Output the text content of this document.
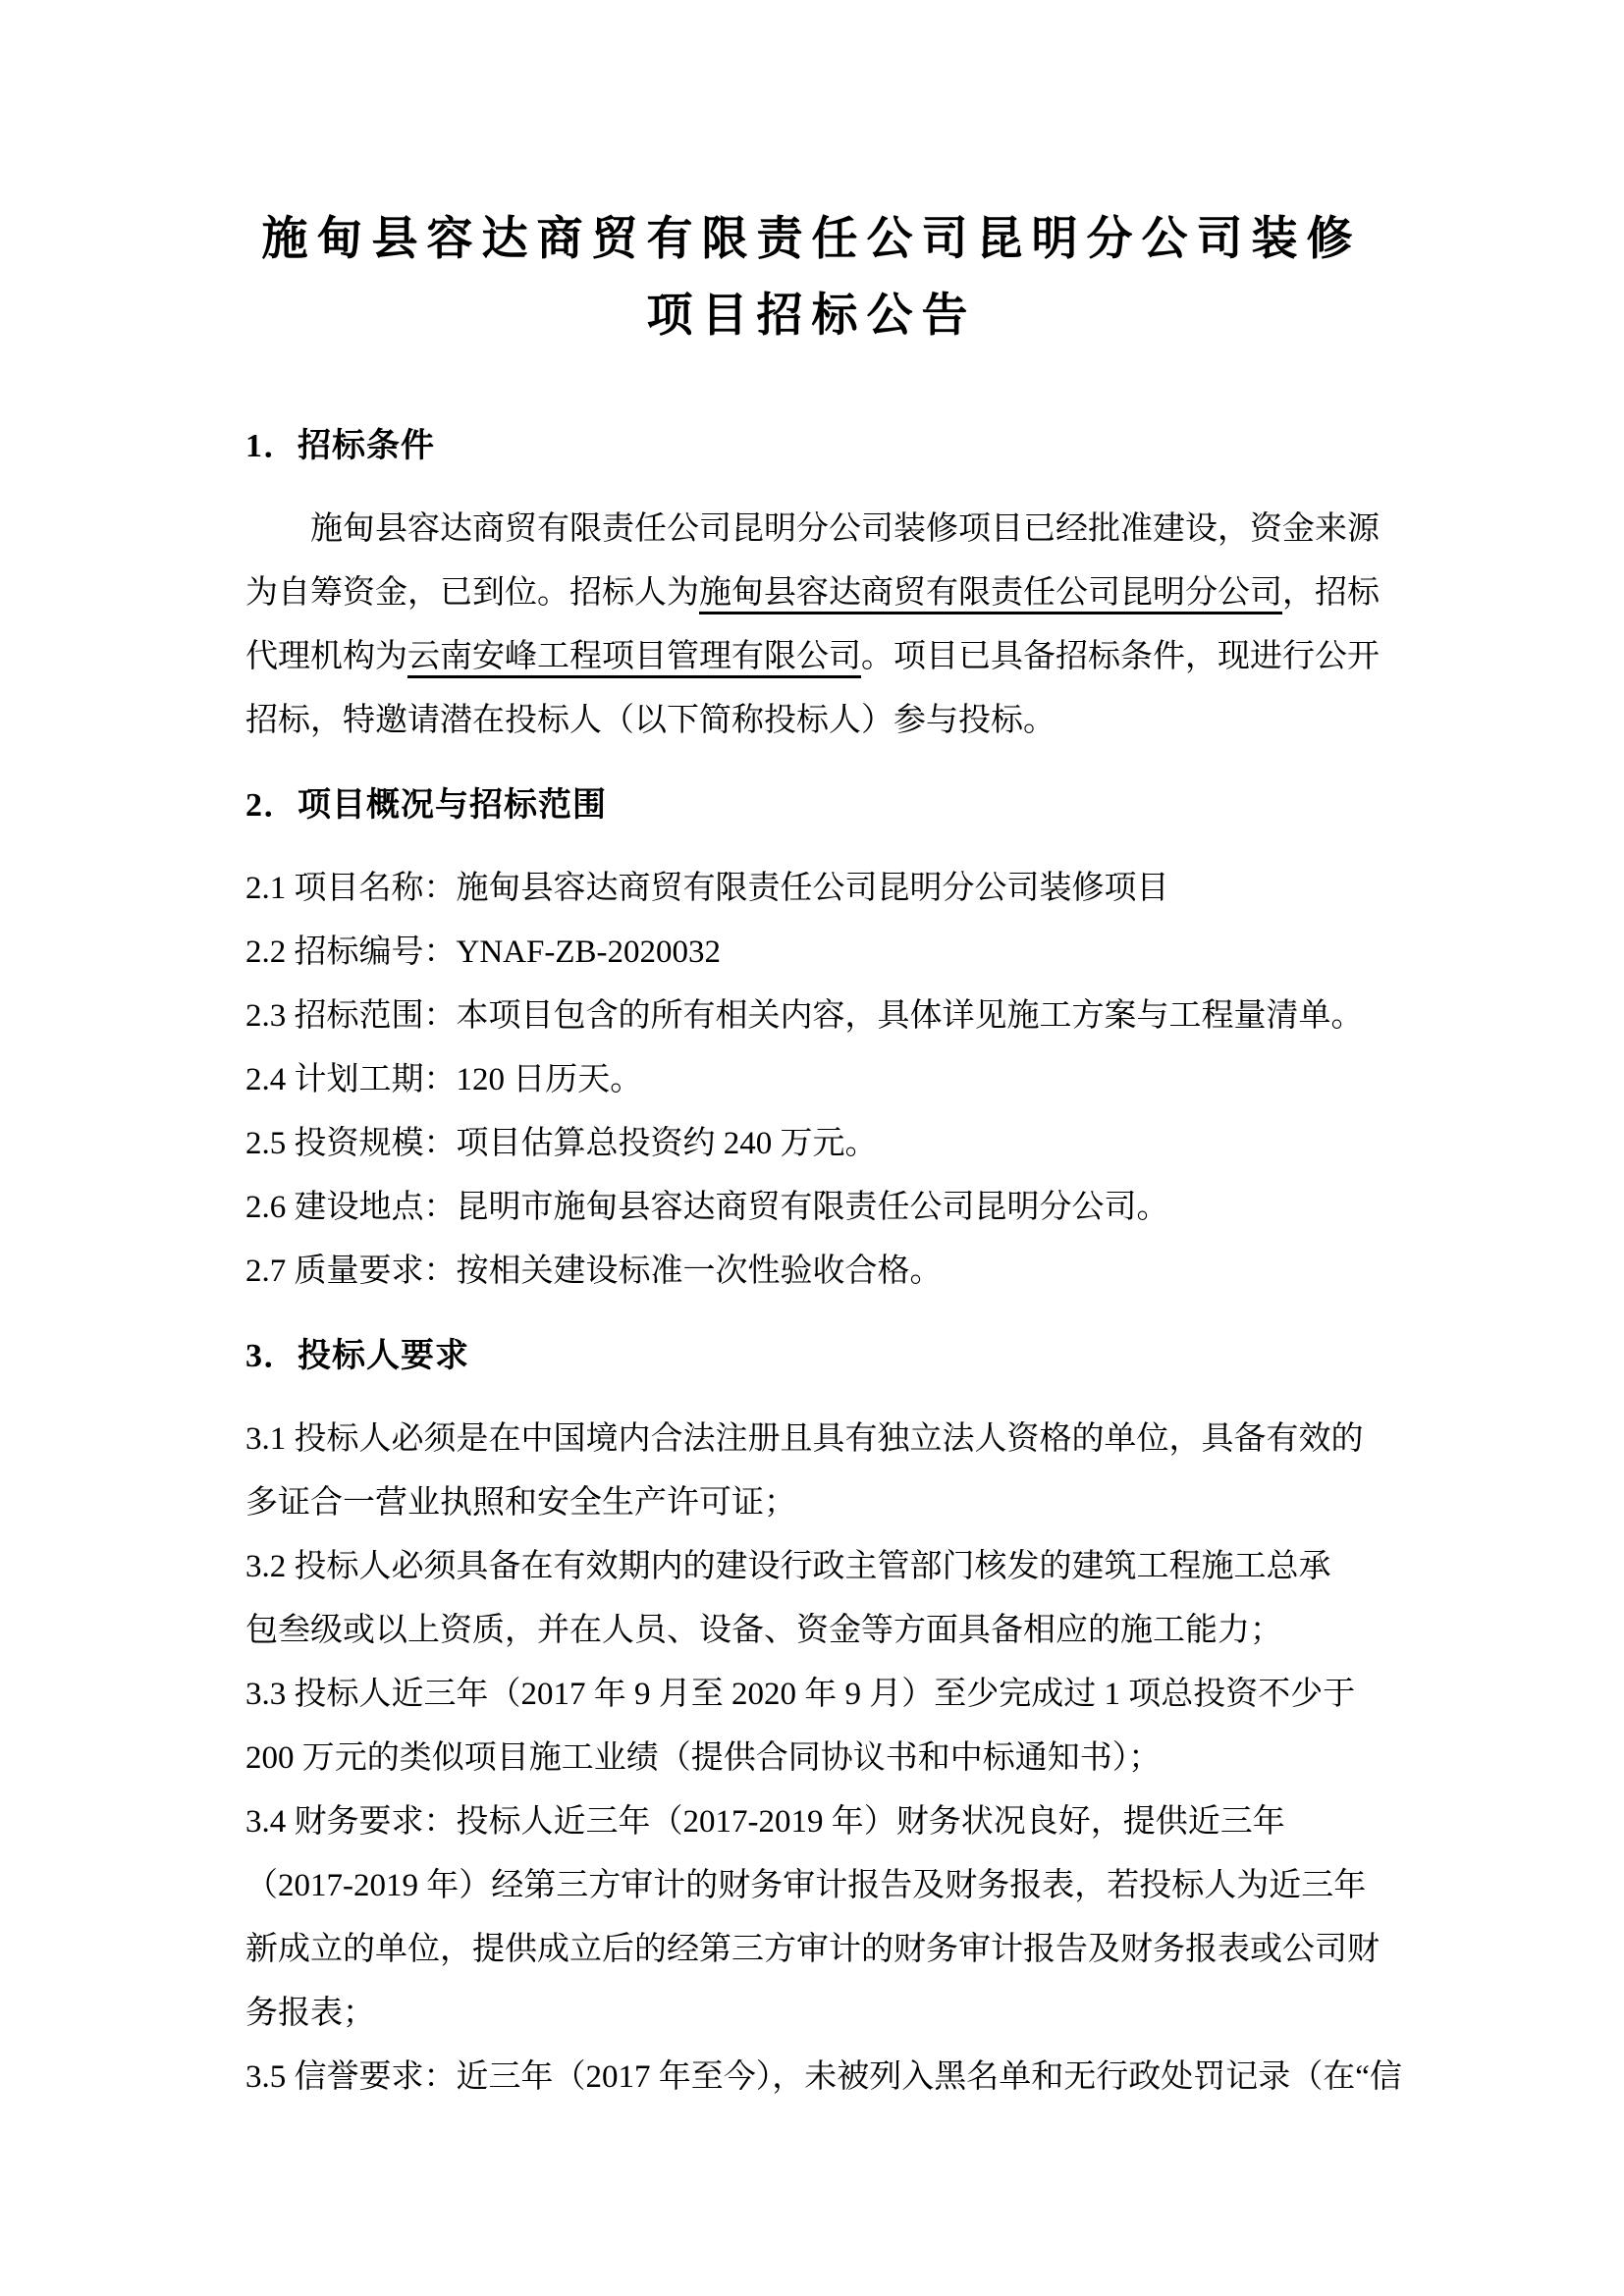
施甸县容达商贸有限责任公司昆明分公司装修
项目招标公告
1．招标条件
施甸县容达商贸有限责任公司昆明分公司装修项目已经批准建设，资金来源
为自筹资金，已到位。招标人为施甸县容达商贸有限责任公司昆明分公司，招标
代理机构为云南安峰工程项目管理有限公司。项目已具备招标条件，现进行公开
招标，特邀请潜在投标人（以下简称投标人）参与投标。
2．项目概况与招标范围
2.1 项目名称：施甸县容达商贸有限责任公司昆明分公司装修项目
2.2 招标编号：YNAF-ZB-2020032
2.3 招标范围：本项目包含的所有相关内容，具体详见施工方案与工程量清单。
2.4 计划工期：120 日历天。
2.5 投资规模：项目估算总投资约 240 万元。
2.6 建设地点：昆明市施甸县容达商贸有限责任公司昆明分公司。
2.7 质量要求：按相关建设标准一次性验收合格。
3．投标人要求
3.1 投标人必须是在中国境内合法注册且具有独立法人资格的单位，具备有效的
多证合一营业执照和安全生产许可证；
3.2 投标人必须具备在有效期内的建设行政主管部门核发的建筑工程施工总承
包叁级或以上资质，并在人员、设备、资金等方面具备相应的施工能力；
3.3 投标人近三年（2017 年 9 月至 2020 年 9 月）至少完成过 1 项总投资不少于
200 万元的类似项目施工业绩（提供合同协议书和中标通知书）；
3.4 财务要求：投标人近三年（2017-2019 年）财务状况良好，提供近三年
（2017-2019 年）经第三方审计的财务审计报告及财务报表，若投标人为近三年
新成立的单位，提供成立后的经第三方审计的财务审计报告及财务报表或公司财
务报表；
3.5 信誉要求：近三年（2017 年至今），未被列入黑名单和无行政处罚记录（在“信
